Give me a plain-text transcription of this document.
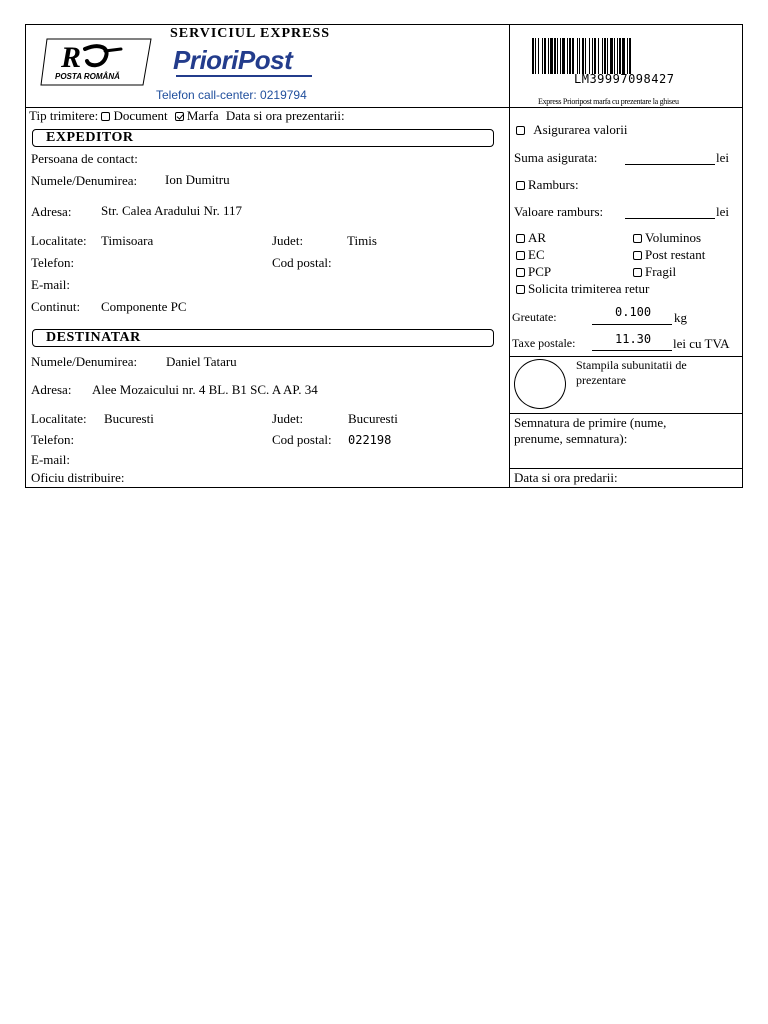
SERVICIUL EXPRESS
R
POSTA ROMÂNĂ
PrioriPost
Telefon call-center: 0219794
LM39997098427
Express Prioripost marfa cu prezentare la ghiseu
Tip trimitere: Document Marfa Data si ora prezentarii:
EXPEDITOR
Persoana de contact:
Numele/Denumirea: Ion Dumitru
Adresa: Str. Calea Aradului Nr. 117
Localitate: Timisoara	Judet:	Timis
Telefon:	Cod postal:
E-mail:
Continut: Componente PC
DESTINATAR
Numele/Denumirea: Daniel Tataru
Adresa: Alee Mozaicului nr. 4 BL. B1 SC. A AP. 34
Localitate: Bucuresti	Judet:	Bucuresti
Telefon:	Cod postal: 022198
E-mail:
Oficiu distribuire:
Asigurarea valorii
Suma asigurata:	lei
Ramburs:
Valoare ramburs:	lei
AR	Voluminos
EC	Post restant
PCP	Fragil
Solicita trimiterea retur
Greutate:	0.100 kg
Taxe postale:	11.30 lei cu TVA
Stampila subunitatii de prezentare
Semnatura de primire (nume, prenume, semnatura):
Data si ora predarii:
